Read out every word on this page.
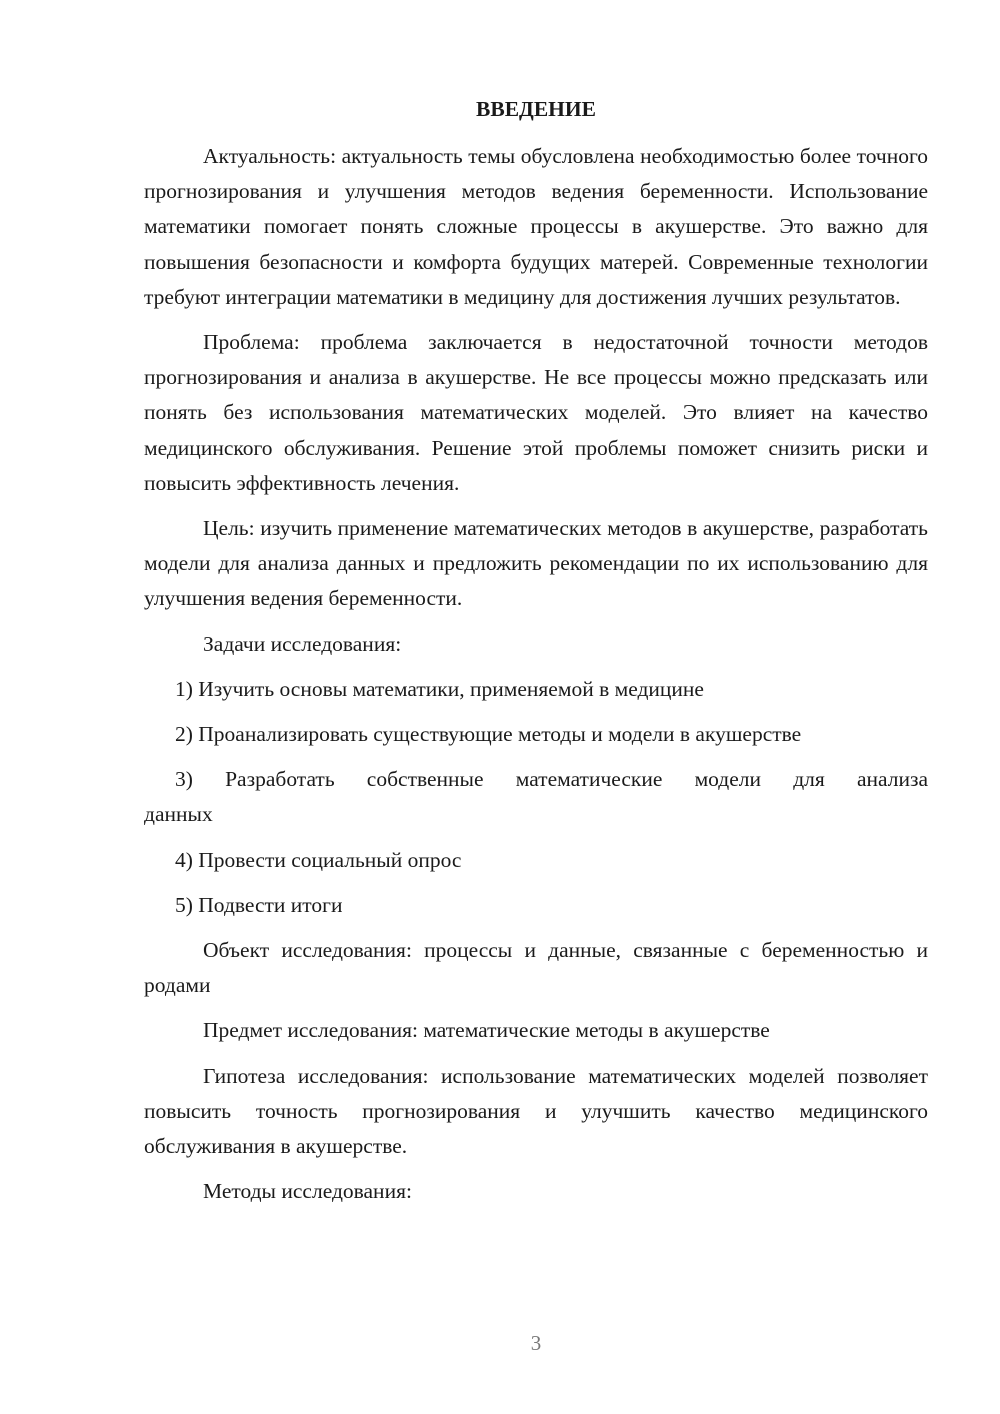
ВВЕДЕНИЕ

Актуальность: актуальность темы обусловлена необходимостью более точного прогнозирования и улучшения методов ведения беременности. Использование математики помогает понять сложные процессы в акушерстве. Это важно для повышения безопасности и комфорта будущих матерей. Современные технологии требуют интеграции математики в медицину для достижения лучших результатов.

Проблема: проблема заключается в недостаточной точности методов прогнозирования и анализа в акушерстве. Не все процессы можно предсказать или понять без использования математических моделей. Это влияет на качество медицинского обслуживания. Решение этой проблемы поможет снизить риски и повысить эффективность лечения.

Цель: изучить применение математических методов в акушерстве, разработать модели для анализа данных и предложить рекомендации по их использованию для улучшения ведения беременности.

Задачи исследования:

1) Изучить основы математики, применяемой в медицине

2) Проанализировать существующие методы и модели в акушерстве

3) Разработать собственные математические модели для анализа данных

4) Провести социальный опрос

5) Подвести итоги

Объект исследования: процессы и данные, связанные с беременностью и родами

Предмет исследования: математические методы в акушерстве

Гипотеза исследования: использование математических моделей позволяет повысить точность прогнозирования и улучшить качество медицинского обслуживания в акушерстве.

Методы исследования:

3
